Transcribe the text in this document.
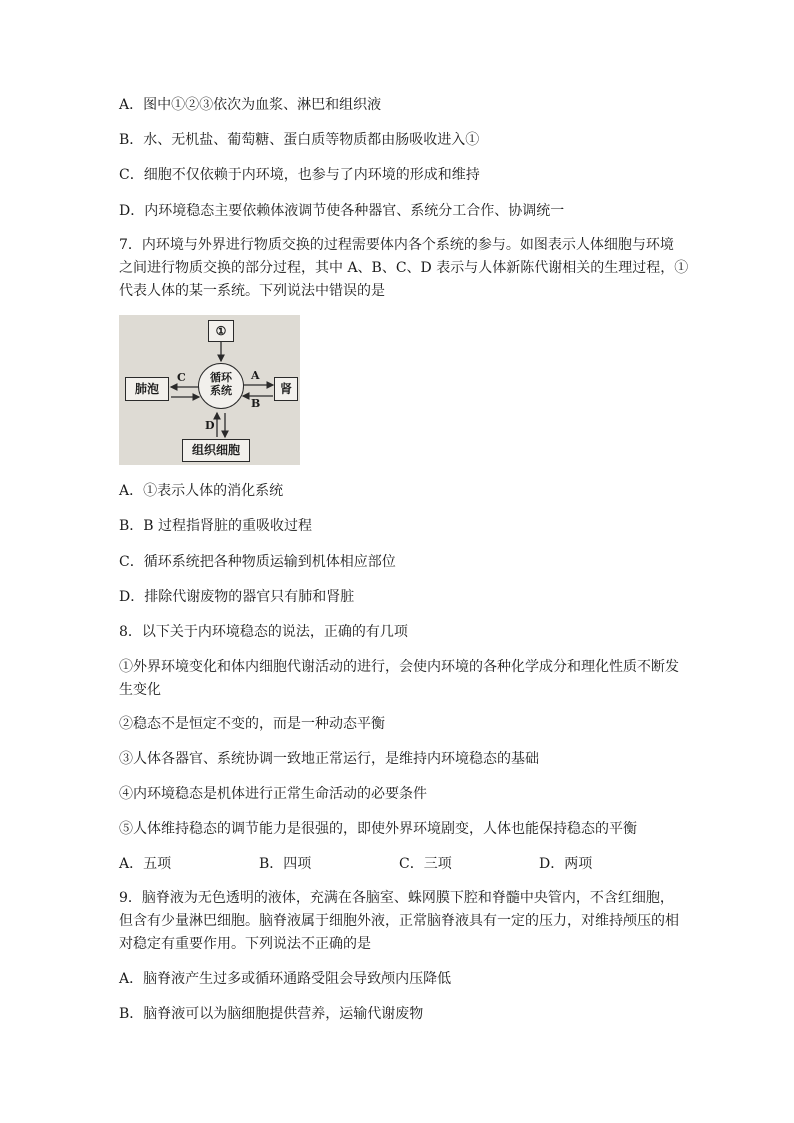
A．图中①②③依次为血浆、淋巴和组织液
B．水、无机盐、葡萄糖、蛋白质等物质都由肠吸收进入①
C．细胞不仅依赖于内环境，也参与了内环境的形成和维持
D．内环境稳态主要依赖体液调节使各种器官、系统分工合作、协调统一
7．内环境与外界进行物质交换的过程需要体内各个系统的参与。如图表示人体细胞与环境
之间进行物质交换的部分过程，其中 A、B、C、D 表示与人体新陈代谢相关的生理过程，①
代表人体的某一系统。下列说法中错误的是
①
循环
系统
肺泡	肾
组织细胞
C	A
B
D
A．①表示人体的消化系统
B．B 过程指肾脏的重吸收过程
C．循环系统把各种物质运输到机体相应部位
D．排除代谢废物的器官只有肺和肾脏
8．以下关于内环境稳态的说法，正确的有几项
①外界环境变化和体内细胞代谢活动的进行，会使内环境的各种化学成分和理化性质不断发
生变化
②稳态不是恒定不变的，而是一种动态平衡
③人体各器官、系统协调一致地正常运行，是维持内环境稳态的基础
④内环境稳态是机体进行正常生命活动的必要条件
⑤人体维持稳态的调节能力是很强的，即使外界环境剧变，人体也能保持稳态的平衡
A．五项	B．四项	C．三项	D．两项
9．脑脊液为无色透明的液体，充满在各脑室、蛛网膜下腔和脊髓中央管内，不含红细胞，
但含有少量淋巴细胞。脑脊液属于细胞外液，正常脑脊液具有一定的压力，对维持颅压的相
对稳定有重要作用。下列说法不正确的是
A．脑脊液产生过多或循环通路受阻会导致颅内压降低
B．脑脊液可以为脑细胞提供营养，运输代谢废物
